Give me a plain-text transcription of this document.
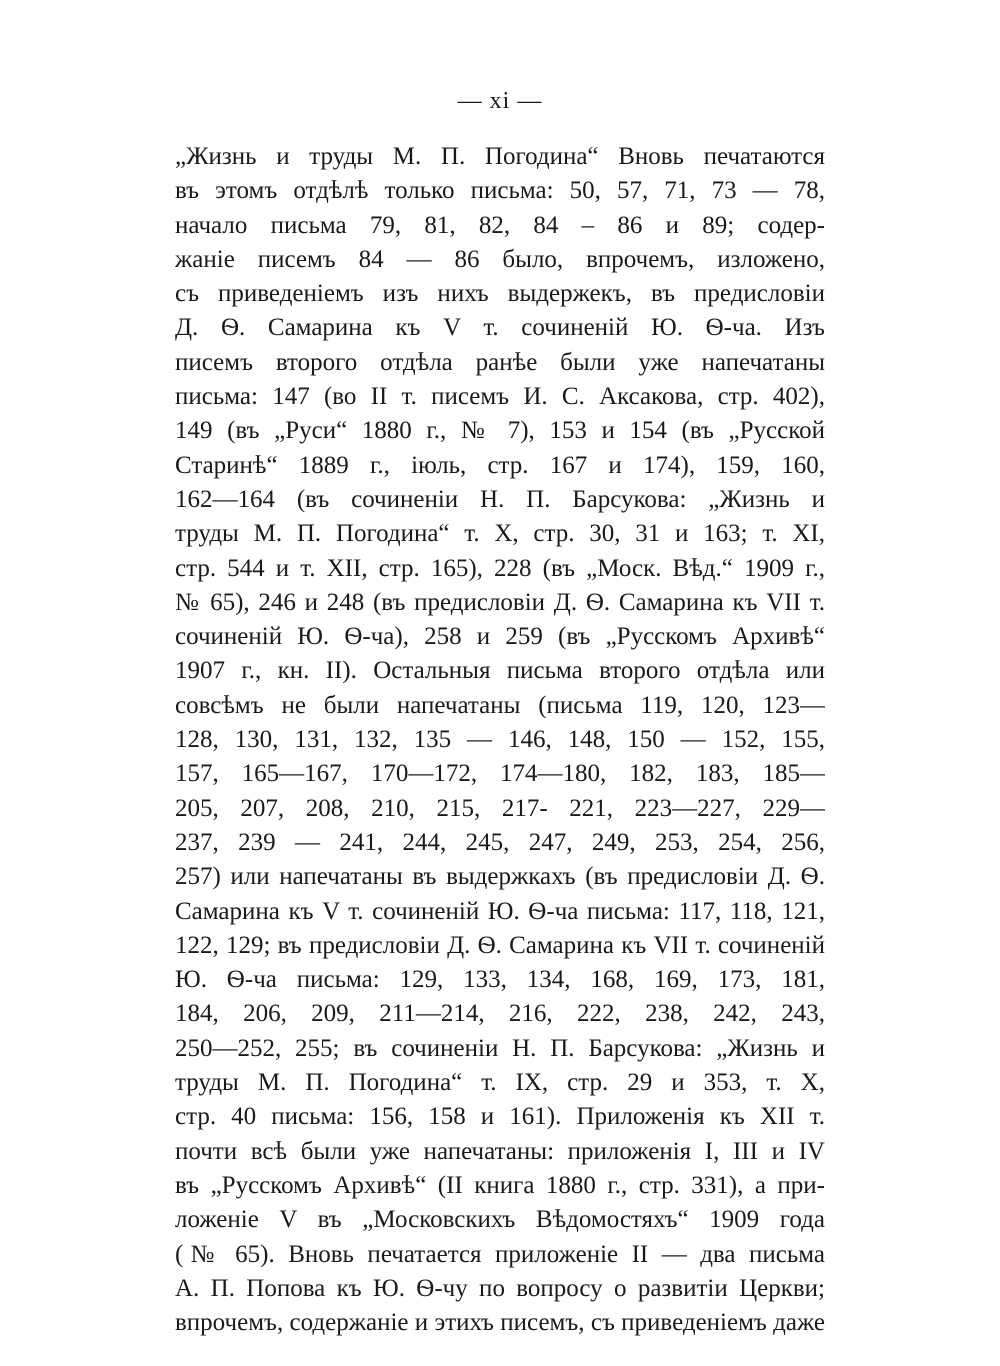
— xi —
„Жизнь и труды М. П. Погодина“ Вновь печатаются
въ этомъ отдѣлѣ только письма: 50, 57, 71, 73 — 78,
начало письма 79, 81, 82, 84 – 86 и 89; содер-
жаніе писемъ 84 — 86 было, впрочемъ, изложено,
съ приведеніемъ изъ нихъ выдержекъ, въ предисловіи
Д. Ѳ. Самарина къ V т. сочиненій Ю. Ѳ-ча. Изъ
писемъ второго отдѣла ранѣе были уже напечатаны
письма: 147 (во II т. писемъ И. С. Аксакова, стр. 402),
149 (въ „Руси“ 1880 г., № 7), 153 и 154 (въ „Русской
Старинѣ“ 1889 г., іюль, стр. 167 и 174), 159, 160,
162—164 (въ сочиненіи Н. П. Барсукова: „Жизнь и
труды М. П. Погодина“ т. X, стр. 30, 31 и 163; т. XI,
стр. 544 и т. XII, стр. 165), 228 (въ „Моск. Вѣд.“ 1909 г.,
№ 65), 246 и 248 (въ предисловіи Д. Ѳ. Самарина къ VII т.
сочиненій Ю. Ѳ-ча), 258 и 259 (въ „Русскомъ Архивѣ“
1907 г., кн. II). Остальныя письма второго отдѣла или
совсѣмъ не были напечатаны (письма 119, 120, 123—
128, 130, 131, 132, 135 — 146, 148, 150 — 152, 155,
157, 165—167, 170—172, 174—180, 182, 183, 185—
205, 207, 208, 210, 215, 217- 221, 223—227, 229—
237, 239 — 241, 244, 245, 247, 249, 253, 254, 256,
257) или напечатаны въ выдержкахъ (въ предисловіи Д. Ѳ.
Самарина къ V т. сочиненій Ю. Ѳ-ча письма: 117, 118, 121,
122, 129; въ предисловіи Д. Ѳ. Самарина къ VII т. сочиненій
Ю. Ѳ-ча письма: 129, 133, 134, 168, 169, 173, 181,
184, 206, 209, 211—214, 216, 222, 238, 242, 243,
250—252, 255; въ сочиненіи Н. П. Барсукова: „Жизнь и
труды М. П. Погодина“ т. IX, стр. 29 и 353, т. X,
стр. 40 письма: 156, 158 и 161). Приложенія къ XII т.
почти всѣ были уже напечатаны: приложенія I, III и IV
въ „Русскомъ Архивѣ“ (II книга 1880 г., стр. 331), а при-
ложеніе V въ „Московскихъ Вѣдомостяхъ“ 1909 года
(№ 65). Вновь печатается приложеніе II — два письма
А. П. Попова къ Ю. Ѳ-чу по вопросу о развитіи Церкви;
впрочемъ, содержаніе и этихъ писемъ, съ приведеніемъ даже
